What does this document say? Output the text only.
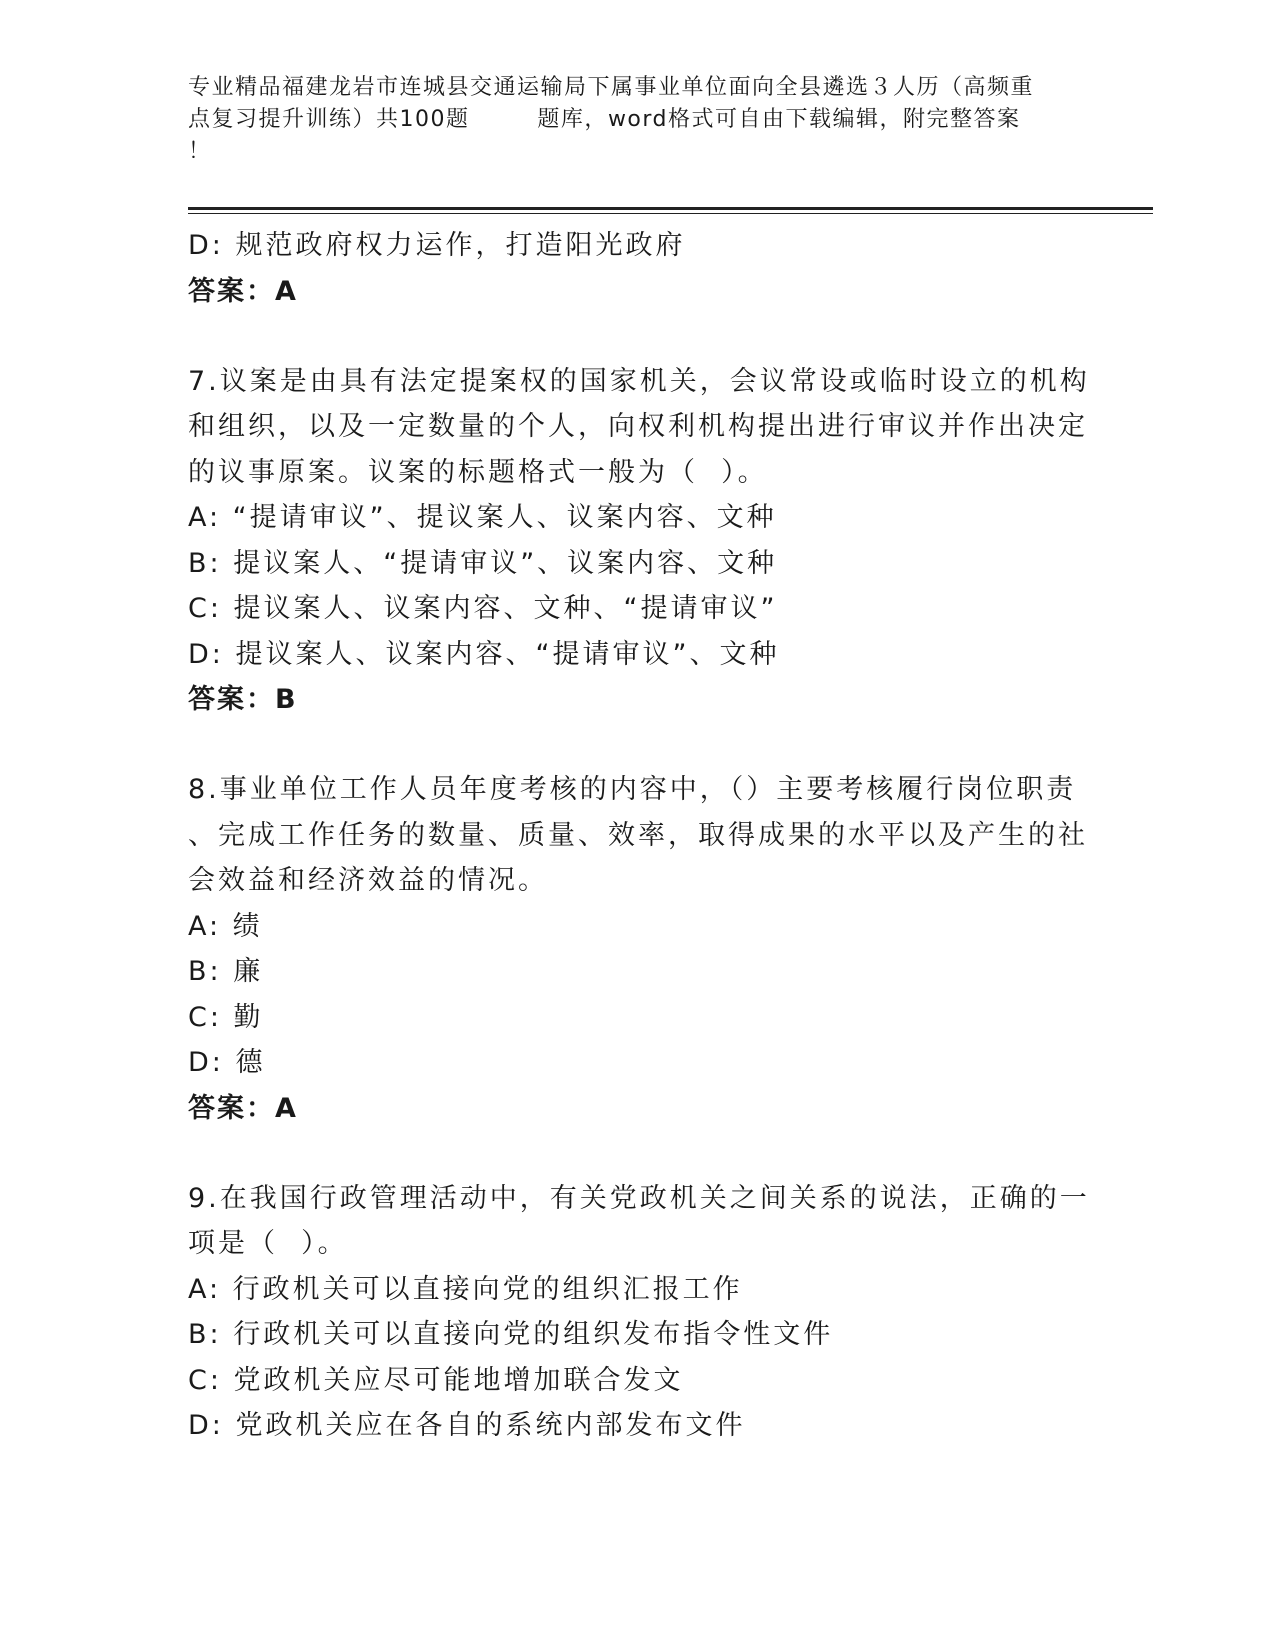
专业精品福建龙岩市连城县交通运输局下属事业单位面向全县遴选３人历（高频重
点复习提升训练）共100题        题库，word格式可自由下载编辑，附完整答案
！
D: 规范政府权力运作，打造阳光政府
答案：A
7.议案是由具有法定提案权的国家机关，会议常设或临时设立的机构
和组织，以及一定数量的个人，向权利机构提出进行审议并作出决定
的议事原案。议案的标题格式一般为（  ）。
A: “提请审议”、提议案人、议案内容、文种
B: 提议案人、“提请审议”、议案内容、文种
C: 提议案人、议案内容、文种、“提请审议”
D: 提议案人、议案内容、“提请审议”、文种
答案：B
8.事业单位工作人员年度考核的内容中，（）主要考核履行岗位职责
、完成工作任务的数量、质量、效率，取得成果的水平以及产生的社
会效益和经济效益的情况。
A: 绩
B: 廉
C: 勤
D: 德
答案：A
9.在我国行政管理活动中，有关党政机关之间关系的说法，正确的一
项是（  ）。
A: 行政机关可以直接向党的组织汇报工作
B: 行政机关可以直接向党的组织发布指令性文件
C: 党政机关应尽可能地增加联合发文
D: 党政机关应在各自的系统内部发布文件
